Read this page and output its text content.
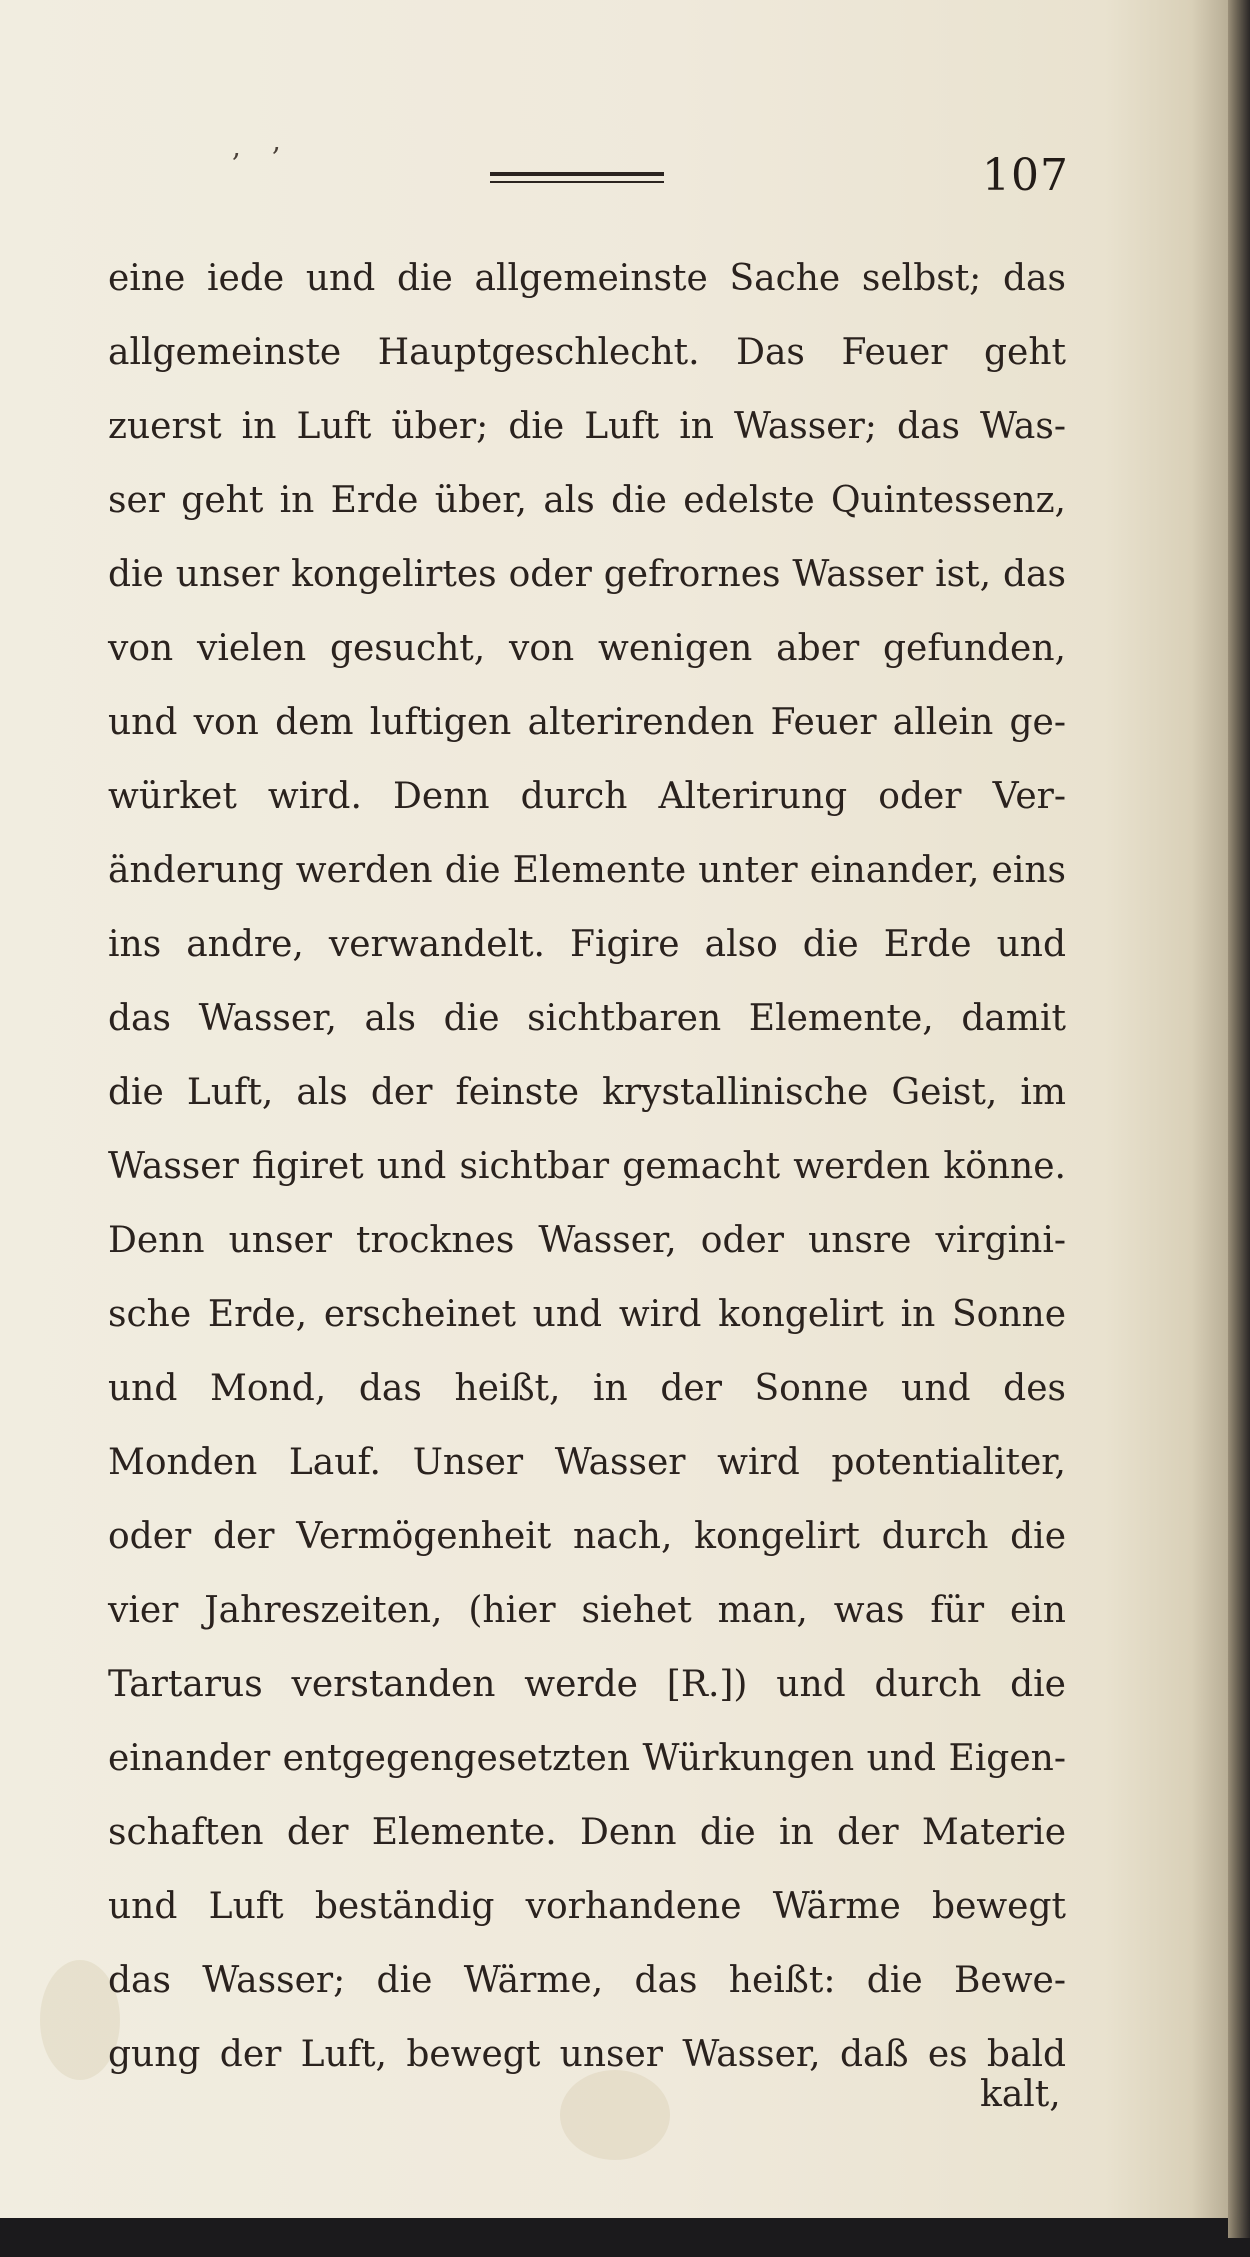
, ,
107
eine iede und die allgemeinste Sache selbst; das
allgemeinste Hauptgeschlecht. Das Feuer geht
zuerst in Luft über; die Luft in Wasser; das Was-
ser geht in Erde über, als die edelste Quintessenz,
die unser kongelirtes oder gefrornes Wasser ist, das
von vielen gesucht, von wenigen aber gefunden,
und von dem luftigen alterirenden Feuer allein ge-
würket wird. Denn durch Alterirung oder Ver-
änderung werden die Elemente unter einander, eins
ins andre, verwandelt. Figire also die Erde und
das Wasser, als die sichtbaren Elemente, damit
die Luft, als der feinste krystallinische Geist, im
Wasser figiret und sichtbar gemacht werden könne.
Denn unser trocknes Wasser, oder unsre virgini-
sche Erde, erscheinet und wird kongelirt in Sonne
und Mond, das heißt, in der Sonne und des
Monden Lauf. Unser Wasser wird potentialiter,
oder der Vermögenheit nach, kongelirt durch die
vier Jahreszeiten, (hier siehet man, was für ein
Tartarus verstanden werde [R.]) und durch die
einander entgegengesetzten Würkungen und Eigen-
schaften der Elemente. Denn die in der Materie
und Luft beständig vorhandene Wärme bewegt
das Wasser; die Wärme, das heißt: die Bewe-
gung der Luft, bewegt unser Wasser, daß es bald
kalt,
